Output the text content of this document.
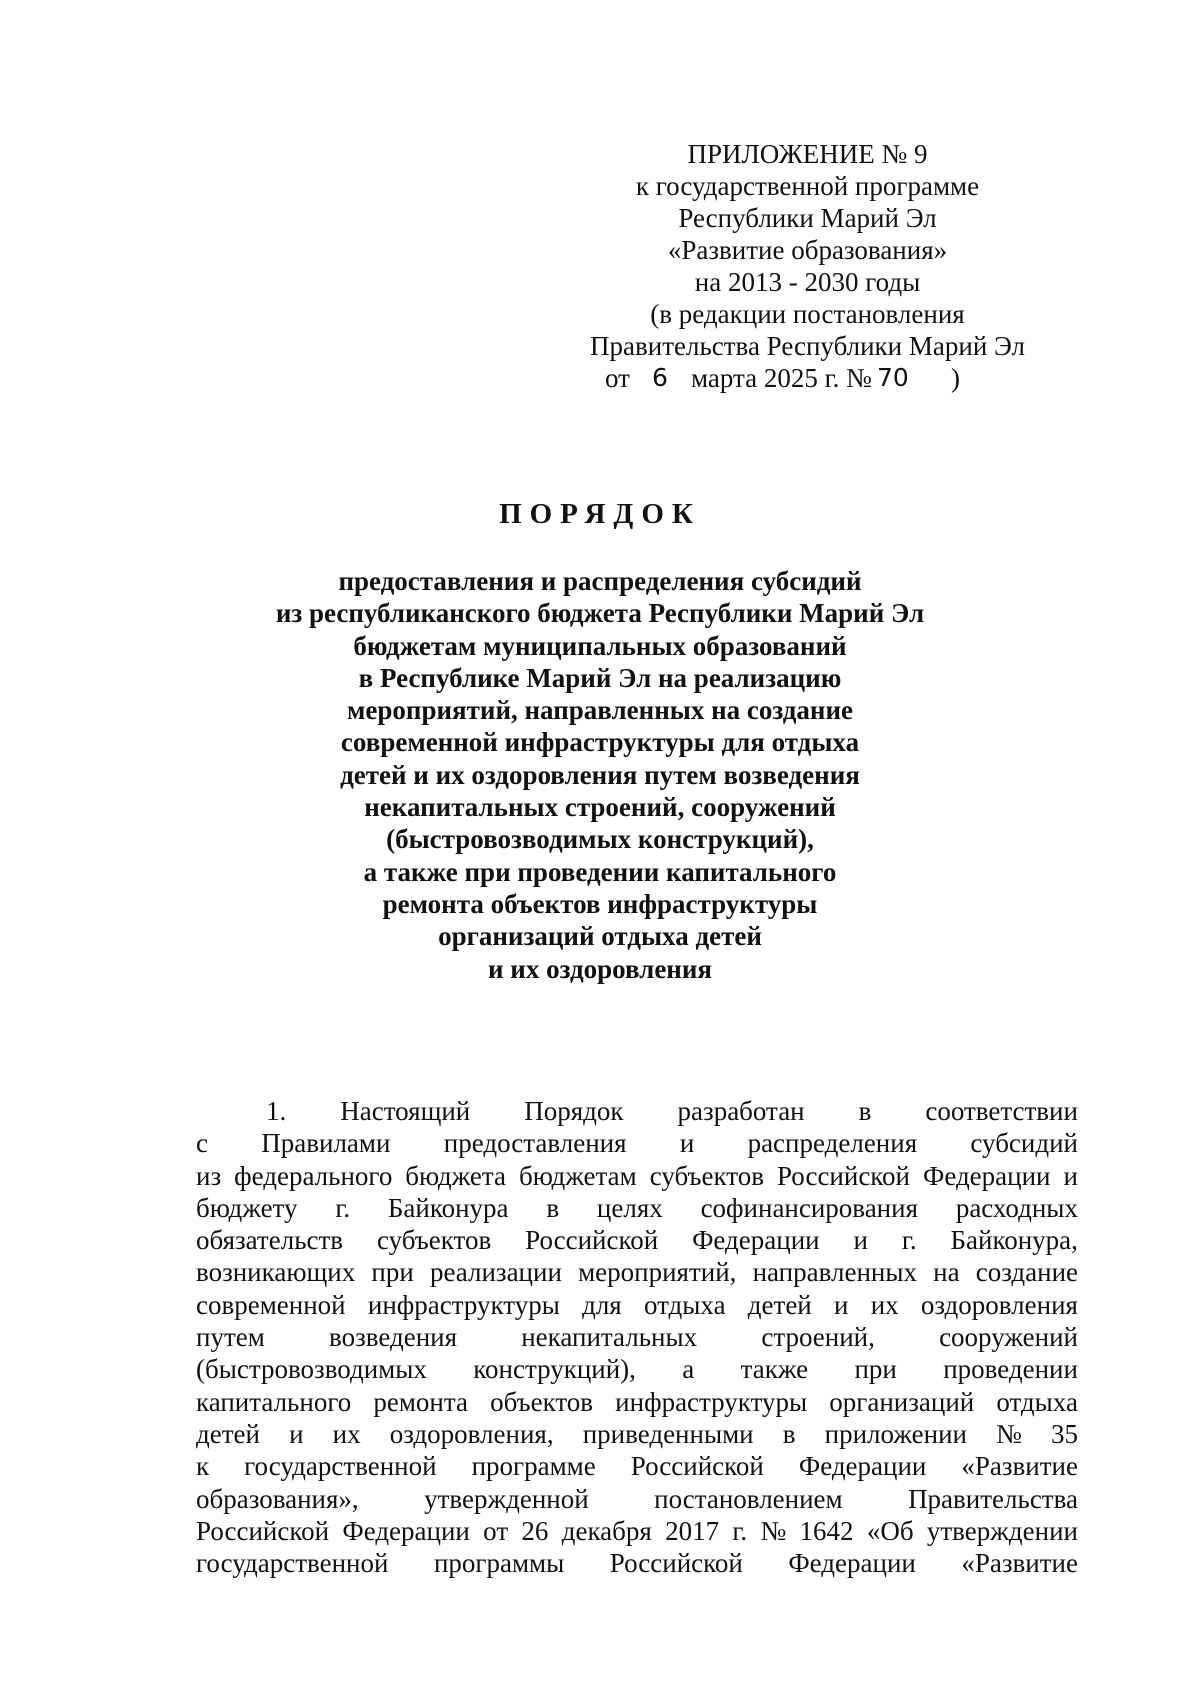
ПРИЛОЖЕНИЕ № 9
к государственной программе
Республики Марий Эл
«Развитие образования»
на 2013 - 2030 годы
(в редакции постановления
Правительства Республики Марий Эл
от 6 марта 2025 г. № 70 )
ПОРЯДОК
предоставления и распределения субсидий
из республиканского бюджета Республики Марий Эл
бюджетам муниципальных образований
в Республике Марий Эл на реализацию
мероприятий, направленных на создание
современной инфраструктуры для отдыха
детей и их оздоровления путем возведения
некапитальных строений, сооружений
(быстровозводимых конструкций),
а также при проведении капитального
ремонта объектов инфраструктуры
организаций отдыха детей
и их оздоровления
1. Настоящий Порядок разработан в соответствии
с Правилами предоставления и распределения субсидий
из федерального бюджета бюджетам субъектов Российской Федерации и
бюджету г. Байконура в целях софинансирования расходных
обязательств субъектов Российской Федерации и г. Байконура,
возникающих при реализации мероприятий, направленных на создание
современной инфраструктуры для отдыха детей и их оздоровления
путем возведения некапитальных строений, сооружений
(быстровозводимых конструкций), а также при проведении
капитального ремонта объектов инфраструктуры организаций отдыха
детей и их оздоровления, приведенными в приложении № 35
к государственной программе Российской Федерации «Развитие
образования», утвержденной постановлением Правительства
Российской Федерации от 26 декабря 2017 г. № 1642 «Об утверждении
государственной программы Российской Федерации «Развитие
